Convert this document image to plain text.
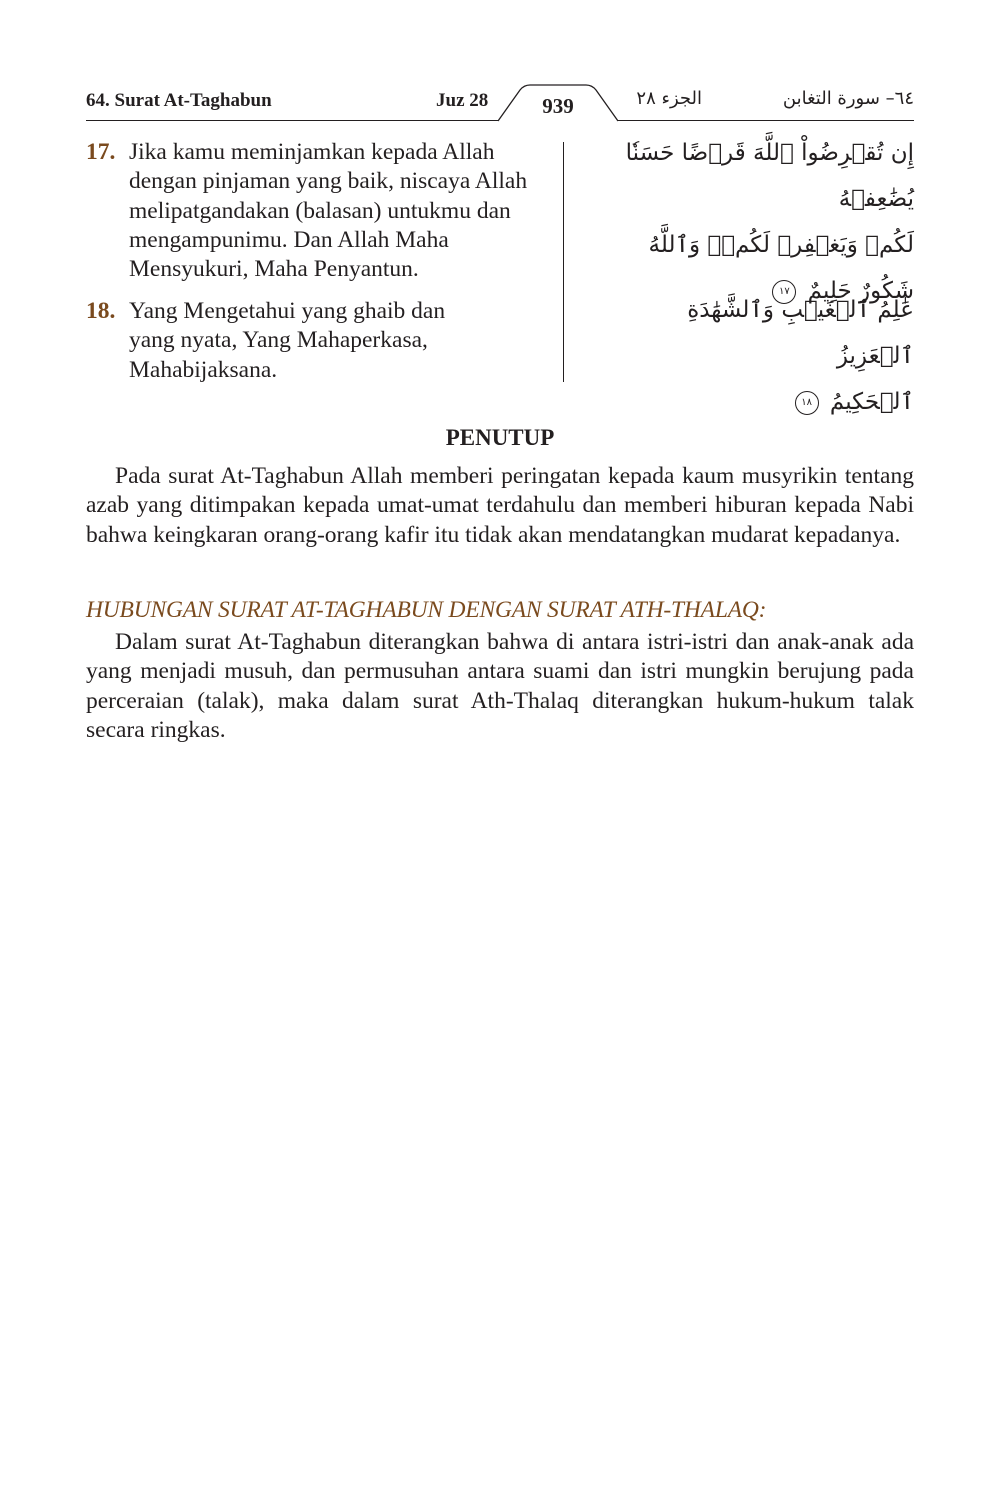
64. Surat At-Taghabun	Juz 28	939	الجزء ٢٨	٦٤– سورة التغابن
17. Jika kamu meminjamkan kepada Allah dengan pinjaman yang baik, niscaya Allah melipatgandakan (balasan) untukmu dan mengampunimu. Dan Allah Maha Mensyukuri, Maha Penyantun.
إِن تُقۡرِضُواْ ٱللَّهَ قَرۡضًا حَسَنٗا يُضَٰعِفۡهُ
لَكُمۡ وَيَغۡفِرۡ لَكُمۡۚ وَٱللَّهُ شَكُورٌ حَلِيمٌ ١٧
18. Yang Mengetahui yang ghaib dan yang nyata, Yang Mahaperkasa, Mahabijaksana.
عَٰلِمُ ٱلۡغَيۡبِ وَٱلشَّهَٰدَةِ ٱلۡعَزِيزُ
ٱلۡحَكِيمُ ١٨
PENUTUP

Pada surat At-Taghabun Allah memberi peringatan kepada kaum musyrikin tentang azab yang ditimpakan kepada umat-umat terdahulu dan memberi hiburan kepada Nabi bahwa keingkaran orang-orang kafir itu tidak akan mendatangkan mudarat kepadanya.

HUBUNGAN SURAT AT-TAGHABUN DENGAN SURAT ATH-THALAQ:

Dalam surat At-Taghabun diterangkan bahwa di antara istri-istri dan anak-anak ada yang menjadi musuh, dan permusuhan antara suami dan istri mungkin berujung pada perceraian (talak), maka dalam surat Ath-Thalaq diterangkan hukum-hukum talak secara ringkas.
